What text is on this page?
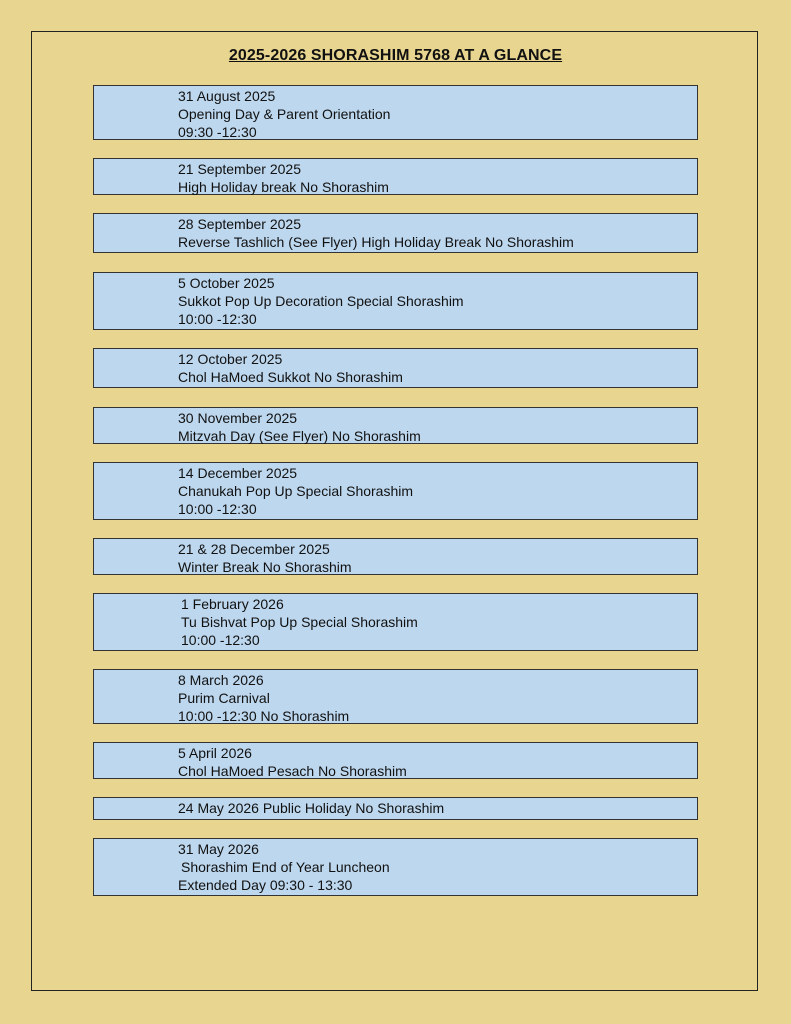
2025-2026 SHORASHIM 5768 AT A GLANCE
31 August 2025
Opening Day & Parent Orientation
09:30 -12:30
21 September 2025
High Holiday break No Shorashim
28 September 2025
Reverse Tashlich (See Flyer) High Holiday Break No Shorashim
5 October 2025
Sukkot Pop Up Decoration Special Shorashim
10:00 -12:30
12 October 2025
Chol HaMoed Sukkot No Shorashim
30 November 2025
Mitzvah Day (See Flyer) No Shorashim
14 December 2025
Chanukah Pop Up Special Shorashim
10:00 -12:30
21 & 28 December 2025
Winter Break No Shorashim
1 February 2026
Tu Bishvat Pop Up Special Shorashim
10:00 -12:30
8 March 2026
Purim Carnival
10:00 -12:30 No Shorashim
5 April 2026
Chol HaMoed Pesach No Shorashim
24 May 2026 Public Holiday No Shorashim
31 May 2026
Shorashim End of Year Luncheon
Extended Day 09:30 - 13:30
